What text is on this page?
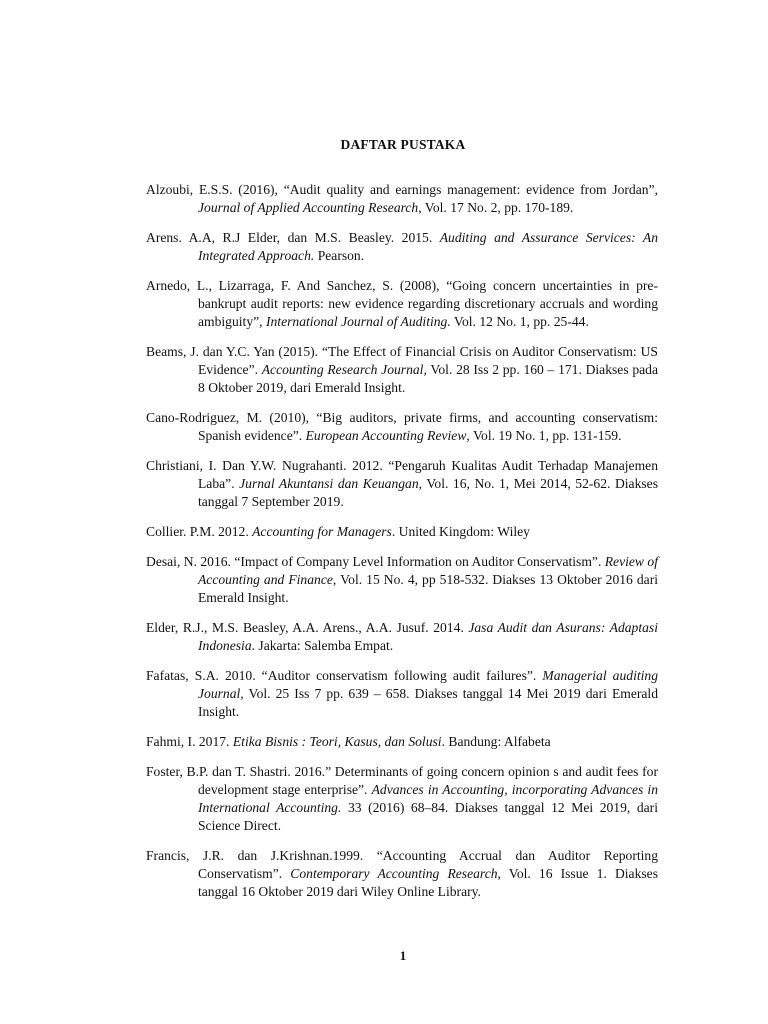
DAFTAR PUSTAKA

Alzoubi, E.S.S. (2016), “Audit quality and earnings management: evidence from Jordan”, Journal of Applied Accounting Research, Vol. 17 No. 2, pp. 170-189.

Arens. A.A, R.J Elder, dan M.S. Beasley. 2015. Auditing and Assurance Services: An Integrated Approach. Pearson.

Arnedo, L., Lizarraga, F. And Sanchez, S. (2008), “Going concern uncertainties in pre-bankrupt audit reports: new evidence regarding discretionary accruals and wording ambiguity”, International Journal of Auditing. Vol. 12 No. 1, pp. 25-44.

Beams, J. dan Y.C. Yan (2015). “The Effect of Financial Crisis on Auditor Conservatism: US Evidence”. Accounting Research Journal, Vol. 28 Iss 2 pp. 160 – 171. Diakses pada 8 Oktober 2019, dari Emerald Insight.

Cano-Rodriguez, M. (2010), “Big auditors, private firms, and accounting conservatism: Spanish evidence”. European Accounting Review, Vol. 19 No. 1, pp. 131-159.

Christiani, I. Dan Y.W. Nugrahanti. 2012. “Pengaruh Kualitas Audit Terhadap Manajemen Laba”. Jurnal Akuntansi dan Keuangan, Vol. 16, No. 1, Mei 2014, 52-62. Diakses tanggal 7 September 2019.

Collier. P.M. 2012. Accounting for Managers. United Kingdom: Wiley

Desai, N. 2016. “Impact of Company Level Information on Auditor Conservatism”. Review of Accounting and Finance, Vol. 15 No. 4, pp 518-532. Diakses 13 Oktober 2016 dari Emerald Insight.

Elder, R.J., M.S. Beasley, A.A. Arens., A.A. Jusuf. 2014. Jasa Audit dan Asurans: Adaptasi Indonesia. Jakarta: Salemba Empat.

Fafatas, S.A. 2010. “Auditor conservatism following audit failures”. Managerial auditing Journal, Vol. 25 Iss 7 pp. 639 – 658. Diakses tanggal 14 Mei 2019 dari Emerald Insight.

Fahmi, I. 2017. Etika Bisnis : Teori, Kasus, dan Solusi. Bandung: Alfabeta

Foster, B.P. dan T. Shastri. 2016.” Determinants of going concern opinion s and audit fees for development stage enterprise”. Advances in Accounting, incorporating Advances in International Accounting. 33 (2016) 68–84. Diakses tanggal 12 Mei 2019, dari Science Direct.

Francis, J.R. dan J.Krishnan.1999. “Accounting Accrual dan Auditor Reporting Conservatism”. Contemporary Accounting Research, Vol. 16 Issue 1. Diakses tanggal 16 Oktober 2019 dari Wiley Online Library.

1
